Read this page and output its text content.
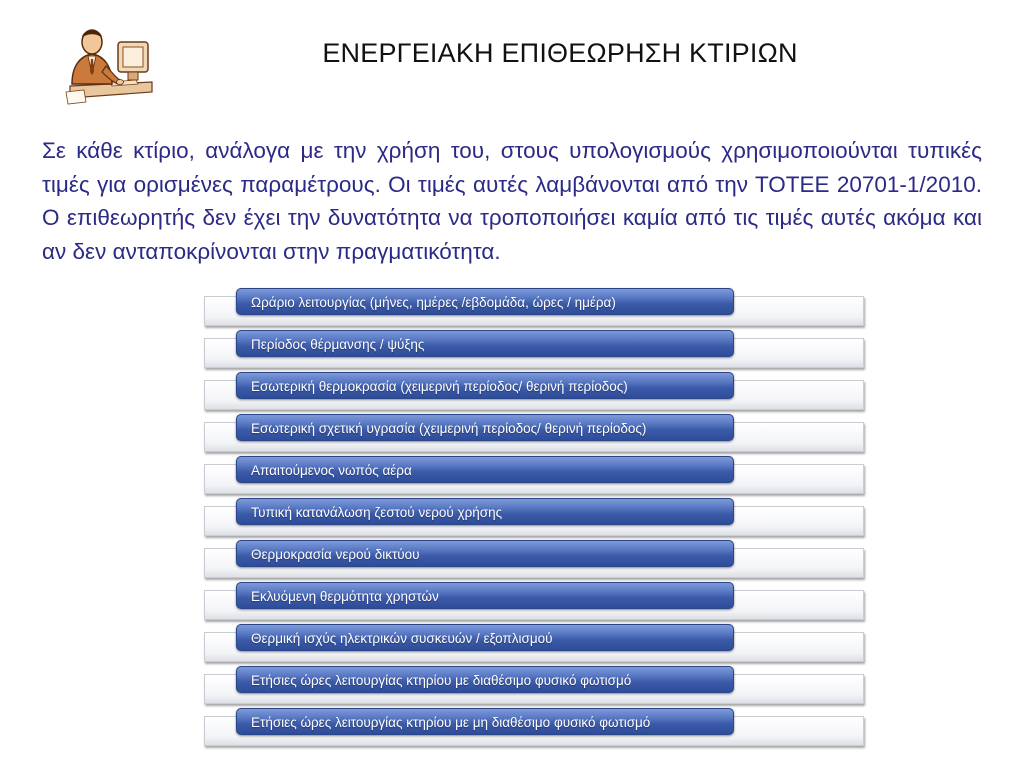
ΕΝΕΡΓΕΙΑΚΗ ΕΠΙΘΕΩΡΗΣΗ ΚΤΙΡΙΩΝ

Σε κάθε κτίριο, ανάλογα με την χρήση του, στους υπολογισμούς χρησιμοποιούνται τυπικές τιμές για ορισμένες παραμέτρους. Οι τιμές αυτές λαμβάνονται από την ΤΟΤΕΕ 20701-1/2010. Ο επιθεωρητής δεν έχει την δυνατότητα να τροποποιήσει καμία από τις τιμές αυτές ακόμα και αν δεν ανταποκρίνονται στην πραγματικότητα.

Ωράριο λειτουργίας (μήνες, ημέρες /εβδομάδα, ώρες / ημέρα)
Περίοδος θέρμανσης / ψύξης
Εσωτερική θερμοκρασία (χειμερινή περίοδος/ θερινή περίοδος)
Εσωτερική σχετική υγρασία (χειμερινή περίοδος/ θερινή περίοδος)
Απαιτούμενος νωπός αέρα
Τυπική κατανάλωση ζεστού νερού χρήσης
Θερμοκρασία νερού δικτύου
Εκλυόμενη θερμότητα χρηστών
Θερμική ισχύς ηλεκτρικών συσκευών / εξοπλισμού
Ετήσιες ώρες λειτουργίας κτηρίου με διαθέσιμο φυσικό φωτισμό
Ετήσιες ώρες λειτουργίας κτηρίου με μη διαθέσιμο φυσικό φωτισμό
